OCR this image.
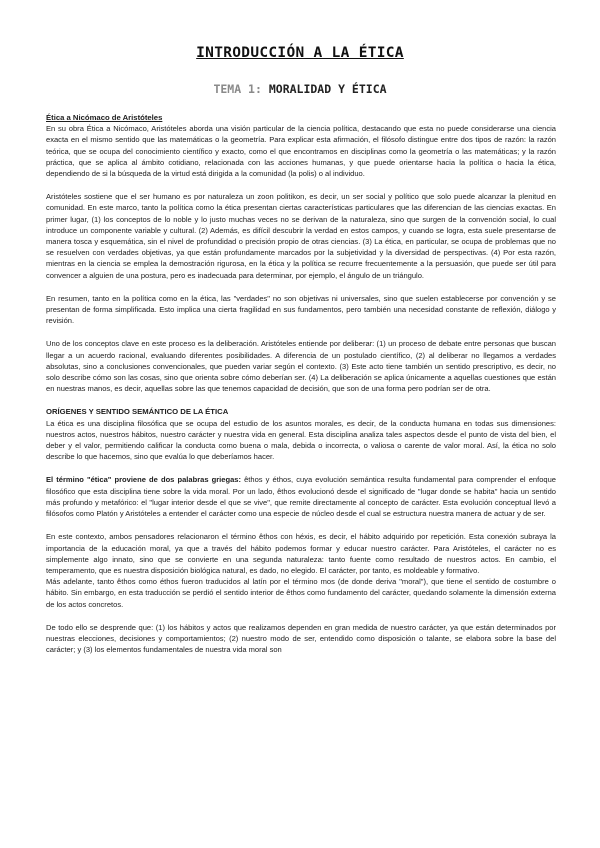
INTRODUCCIÓN A LA ÉTICA
TEMA 1: MORALIDAD Y ÉTICA
Ética a Nicómaco de Aristóteles

En su obra Ética a Nicómaco, Aristóteles aborda una visión particular de la ciencia política, destacando que esta no puede considerarse una ciencia exacta en el mismo sentido que las matemáticas o la geometría. Para explicar esta afirmación, el filósofo distingue entre dos tipos de razón: la razón teórica, que se ocupa del conocimiento científico y exacto, como el que encontramos en disciplinas como la geometría o las matemáticas; y la razón práctica, que se aplica al ámbito cotidiano, relacionada con las acciones humanas, y que puede orientarse hacia la política o hacia la ética, dependiendo de si la búsqueda de la virtud está dirigida a la comunidad (la polis) o al individuo.

Aristóteles sostiene que el ser humano es por naturaleza un zoon politikon, es decir, un ser social y político que solo puede alcanzar la plenitud en comunidad. En este marco, tanto la política como la ética presentan ciertas características particulares que las diferencian de las ciencias exactas. En primer lugar, (1) los conceptos de lo noble y lo justo muchas veces no se derivan de la naturaleza, sino que surgen de la convención social, lo cual introduce un componente variable y cultural. (2) Además, es difícil descubrir la verdad en estos campos, y cuando se logra, esta suele presentarse de manera tosca y esquemática, sin el nivel de profundidad o precisión propio de otras ciencias. (3) La ética, en particular, se ocupa de problemas que no se resuelven con verdades objetivas, ya que están profundamente marcados por la subjetividad y la diversidad de perspectivas. (4) Por esta razón, mientras en la ciencia se emplea la demostración rigurosa, en la ética y la política se recurre frecuentemente a la persuasión, que puede ser útil para convencer a alguien de una postura, pero es inadecuada para determinar, por ejemplo, el ángulo de un triángulo.

En resumen, tanto en la política como en la ética, las "verdades" no son objetivas ni universales, sino que suelen establecerse por convención y se presentan de forma simplificada. Esto implica una cierta fragilidad en sus fundamentos, pero también una necesidad constante de reflexión, diálogo y revisión.

Uno de los conceptos clave en este proceso es la deliberación. Aristóteles entiende por deliberar: (1) un proceso de debate entre personas que buscan llegar a un acuerdo racional, evaluando diferentes posibilidades. A diferencia de un postulado científico, (2) al deliberar no llegamos a verdades absolutas, sino a conclusiones convencionales, que pueden variar según el contexto. (3) Este acto tiene también un sentido prescriptivo, es decir, no solo describe cómo son las cosas, sino que orienta sobre cómo deberían ser. (4) La deliberación se aplica únicamente a aquellas cuestiones que están en nuestras manos, es decir, aquellas sobre las que tenemos capacidad de decisión, que son de una forma pero podrían ser de otra.

ORÍGENES Y SENTIDO SEMÁNTICO DE LA ÉTICA

La ética es una disciplina filosófica que se ocupa del estudio de los asuntos morales, es decir, de la conducta humana en todas sus dimensiones: nuestros actos, nuestros hábitos, nuestro carácter y nuestra vida en general. Esta disciplina analiza tales aspectos desde el punto de vista del bien, el deber y el valor, permitiendo calificar la conducta como buena o mala, debida o incorrecta, o valiosa o carente de valor moral. Así, la ética no solo describe lo que hacemos, sino que evalúa lo que deberíamos hacer.

El término "ética" proviene de dos palabras griegas: êthos y éthos, cuya evolución semántica resulta fundamental para comprender el enfoque filosófico que esta disciplina tiene sobre la vida moral. Por un lado, êthos evolucionó desde el significado de "lugar donde se habita" hacia un sentido más profundo y metafórico: el "lugar interior desde el que se vive", que remite directamente al concepto de carácter. Esta evolución conceptual llevó a filósofos como Platón y Aristóteles a entender el carácter como una especie de núcleo desde el cual se estructura nuestra manera de actuar y de ser.

En este contexto, ambos pensadores relacionaron el término êthos con héxis, es decir, el hábito adquirido por repetición. Esta conexión subraya la importancia de la educación moral, ya que a través del hábito podemos formar y educar nuestro carácter. Para Aristóteles, el carácter no es simplemente algo innato, sino que se convierte en una segunda naturaleza: tanto fuente como resultado de nuestros actos. En cambio, el temperamento, que es nuestra disposición biológica natural, es dado, no elegido. El carácter, por tanto, es moldeable y formativo.

Más adelante, tanto êthos como éthos fueron traducidos al latín por el término mos (de donde deriva "moral"), que tiene el sentido de costumbre o hábito. Sin embargo, en esta traducción se perdió el sentido interior de êthos como fundamento del carácter, quedando solamente la dimensión externa de los actos concretos.

De todo ello se desprende que: (1) los hábitos y actos que realizamos dependen en gran medida de nuestro carácter, ya que están determinados por nuestras elecciones, decisiones y comportamientos; (2) nuestro modo de ser, entendido como disposición o talante, se elabora sobre la base del carácter; y (3) los elementos fundamentales de nuestra vida moral son
